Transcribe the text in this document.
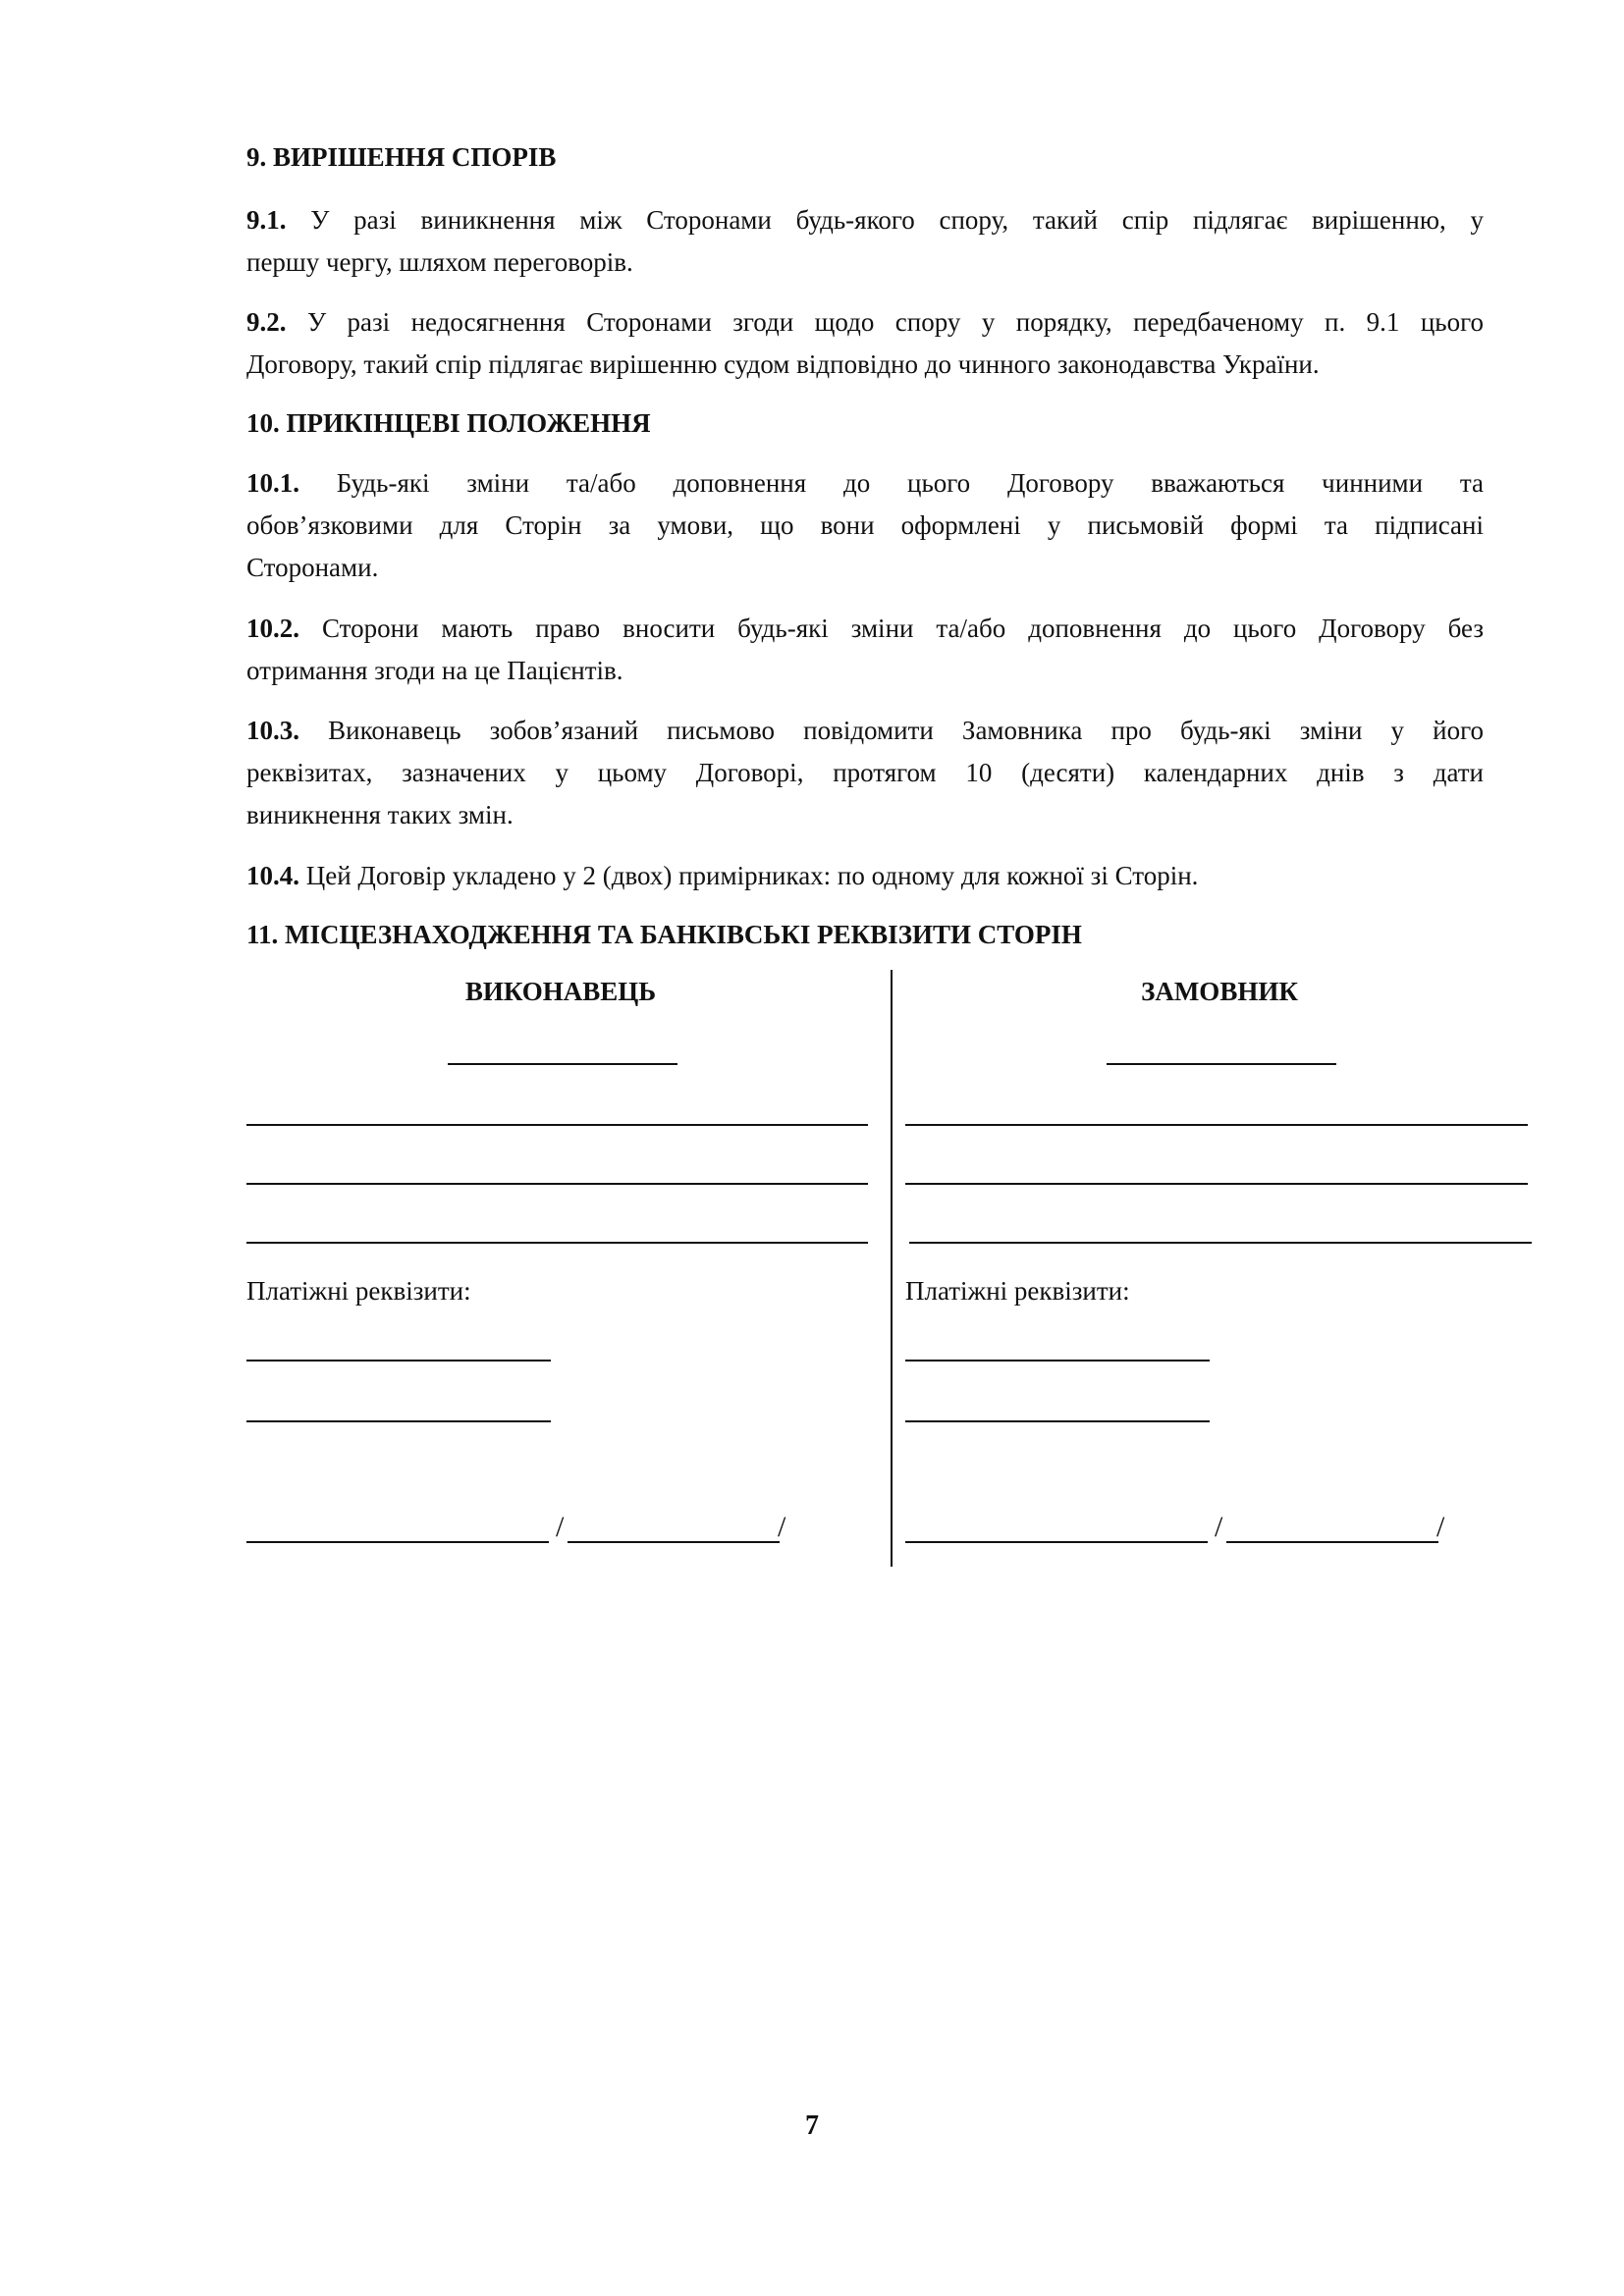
9. ВИРІШЕННЯ СПОРІВ
9.1. У разі виникнення між Сторонами будь-якого спору, такий спір підлягає вирішенню, у
першу чергу, шляхом переговорів.
9.2. У разі недосягнення Сторонами згоди щодо спору у порядку, передбаченому п. 9.1 цього
Договору, такий спір підлягає вирішенню судом відповідно до чинного законодавства України.
10. ПРИКІНЦЕВІ ПОЛОЖЕННЯ
10.1. Будь-які зміни та/або доповнення до цього Договору вважаються чинними та
обов’язковими для Сторін за умови, що вони оформлені у письмовій формі та підписані
Сторонами.
10.2. Сторони мають право вносити будь-які зміни та/або доповнення до цього Договору без
отримання згоди на це Пацієнтів.
10.3. Виконавець зобов’язаний письмово повідомити Замовника про будь-які зміни у його
реквізитах, зазначених у цьому Договорі, протягом 10 (десяти) календарних днів з дати
виникнення таких змін.
10.4. Цей Договір укладено у 2 (двох) примірниках: по одному для кожної зі Сторін.
11. МІСЦЕЗНАХОДЖЕННЯ ТА БАНКІВСЬКІ РЕКВІЗИТИ СТОРІН
ВИКОНАВЕЦЬ
Платіжні реквізити:
/	/
ЗАМОВНИК
Платіжні реквізити:
/	/
7
